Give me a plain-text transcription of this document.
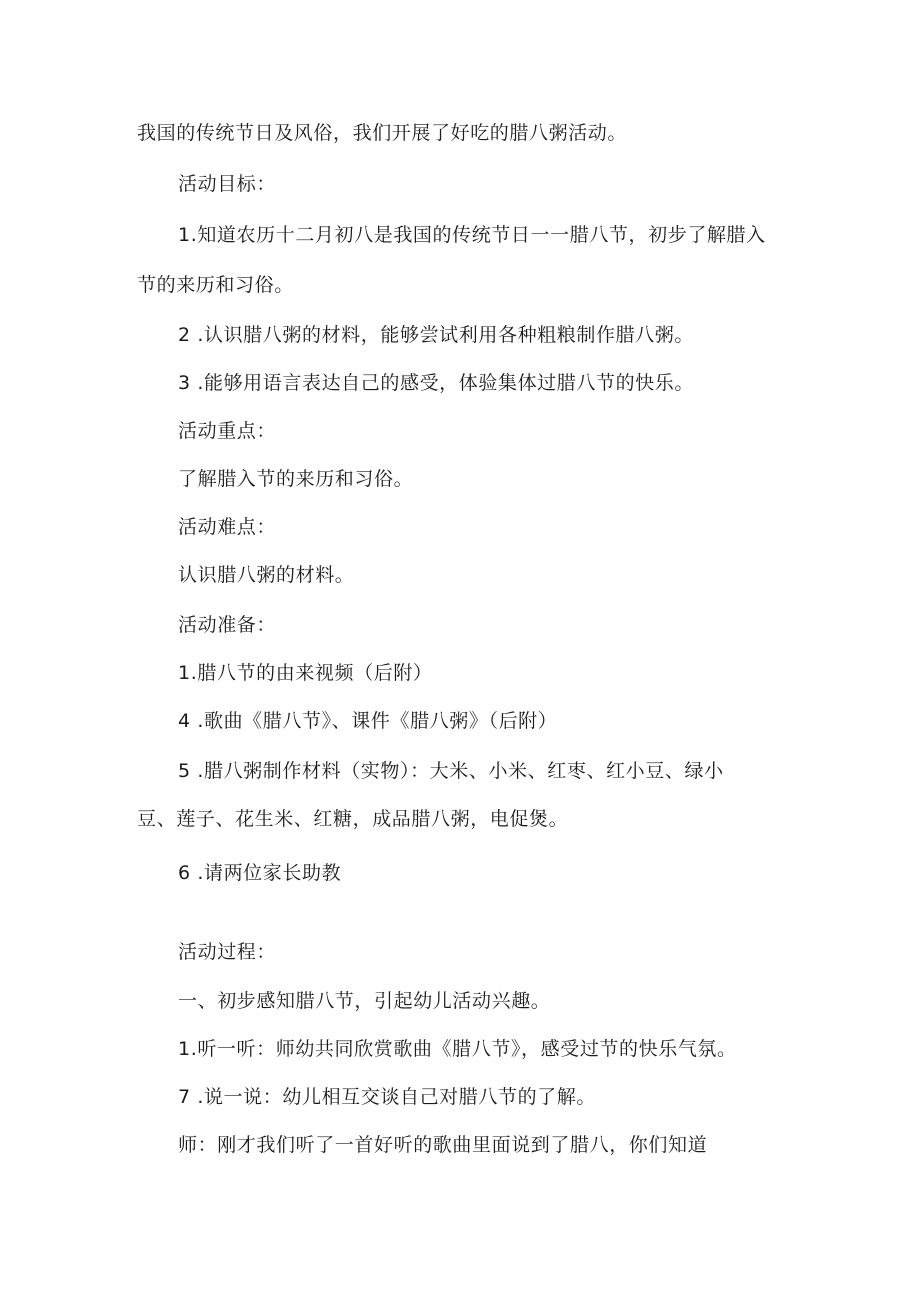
我国的传统节日及风俗，我们开展了好吃的腊八粥活动。
活动目标：
1.知道农历十二月初八是我国的传统节日一一腊八节，初步了解腊入
节的来历和习俗。
2 .认识腊八粥的材料，能够尝试利用各种粗粮制作腊八粥。
3 .能够用语言表达自己的感受，体验集体过腊八节的快乐。
活动重点：
了解腊入节的来历和习俗。
活动难点：
认识腊八粥的材料。
活动准备：
1.腊八节的由来视频（后附）
4 .歌曲《腊八节》、课件《腊八粥》（后附）
5 .腊八粥制作材料（实物）：大米、小米、红枣、红小豆、绿小
豆、莲子、花生米、红糖，成品腊八粥，电促煲。
6 .请两位家长助教
活动过程：
一、初步感知腊八节，引起幼儿活动兴趣。
1.听一听：师幼共同欣赏歌曲《腊八节》，感受过节的快乐气氛。
7 .说一说：幼儿相互交谈自己对腊八节的了解。
师：刚才我们听了一首好听的歌曲里面说到了腊八，你们知道
